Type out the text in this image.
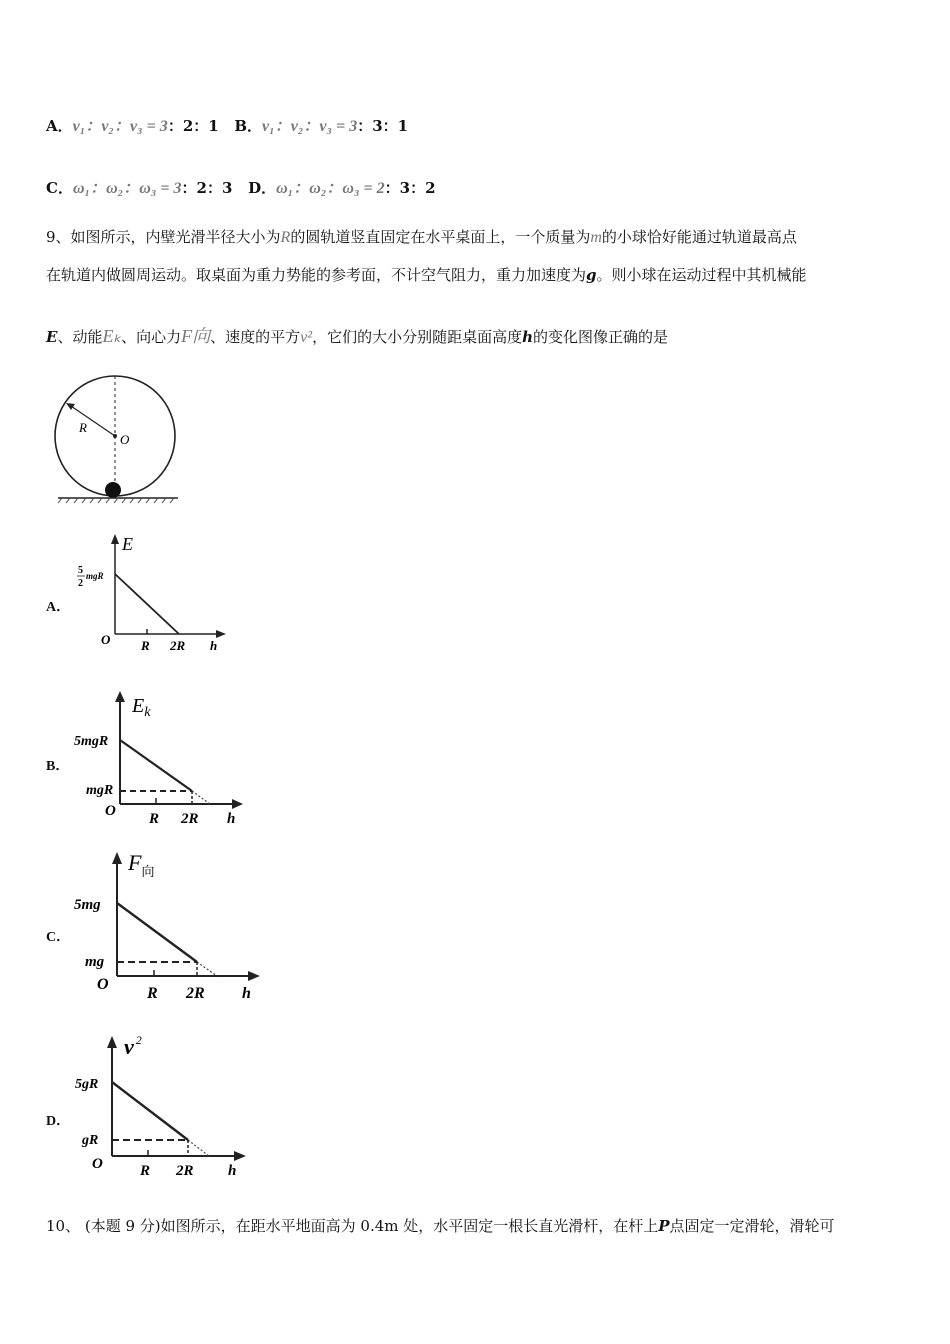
A．v₁：v₂：v₃ = 3：2：1 B．v₁：v₂：v₃ = 3：3：1
C．ω₁：ω₂：ω₃ = 3：2：3 D．ω₁：ω₂：ω₃ = 2：3：2
9、如图所示，内壁光滑半径大小为R的圆轨道竖直固定在水平桌面上，一个质量为m的小球恰好能通过轨道最高点
在轨道内做圆周运动。取桌面为重力势能的参考面，不计空气阻力，重力加速度为g。则小球在运动过程中其机械能
E、动能Eₖ、向心力F向、速度的平方v²，它们的大小分别随距桌面高度h的变化图像正确的是
R
O
A．
E
5
2
mgR
O R 2R h
B．
$E_k$
5mgR
mgR
O R 2R h
C．
$F_向$
5mg
mg
O
R 2R h
D．
v $^2$
5gR
gR
O R 2R h
10、 (本题 9 分)如图所示，在距水平地面高为 0.4m 处，水平固定一根长直光滑杆，在杆上P点固定一定滑轮，滑轮可
